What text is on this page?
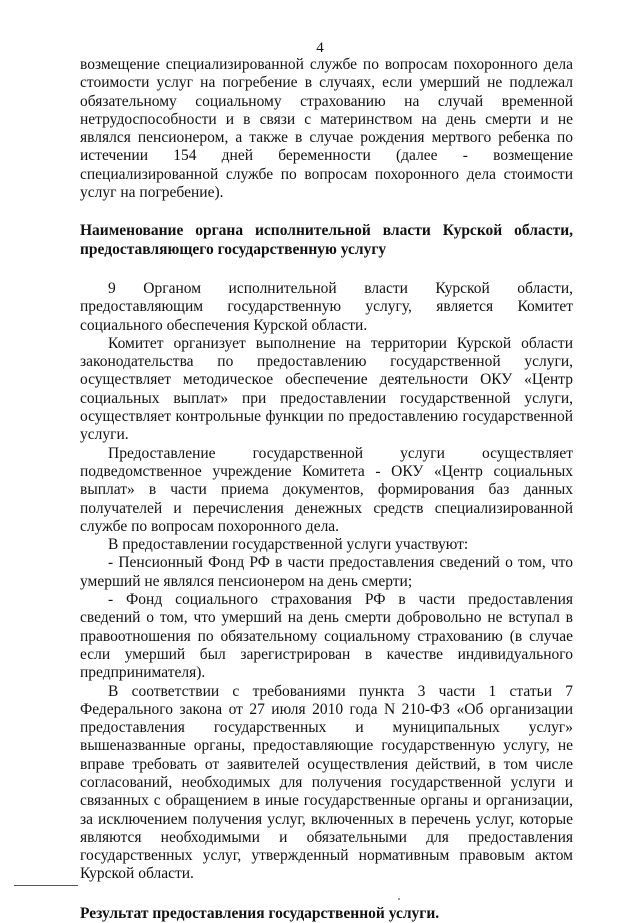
4

возмещение специализированной службе по вопросам похоронного дела стоимости услуг на погребение в случаях, если умерший не подлежал обязательному социальному страхованию на случай временной нетрудоспособности и в связи с материнством на день смерти и не являлся пенсионером, а также в случае рождения мертвого ребенка по истечении 154 дней беременности (далее - возмещение специализированной службе по вопросам похоронного дела стоимости услуг на погребение).

Наименование органа исполнительной власти Курской области, предоставляющего государственную услугу

9 Органом исполнительной власти Курской области, предоставляющим государственную услугу, является Комитет социального обеспечения Курской области.

Комитет организует выполнение на территории Курской области законодательства по предоставлению государственной услуги, осуществляет методическое обеспечение деятельности ОКУ «Центр социальных выплат» при предоставлении государственной услуги, осуществляет контрольные функции по предоставлению государственной услуги.

Предоставление государственной услуги осуществляет подведомственное учреждение Комитета - ОКУ «Центр социальных выплат» в части приема документов, формирования баз данных получателей и перечисления денежных средств специализированной службе по вопросам похоронного дела.

В предоставлении государственной услуги участвуют:

- Пенсионный Фонд РФ в части предоставления сведений о том, что умерший не являлся пенсионером на день смерти;

- Фонд социального страхования РФ в части предоставления сведений о том, что умерший на день смерти добровольно не вступал в правоотношения по обязательному социальному страхованию (в случае если умерший был зарегистрирован в качестве индивидуального предпринимателя).

В соответствии с требованиями пункта 3 части 1 статьи 7 Федерального закона от 27 июля 2010 года N 210-ФЗ «Об организации предоставления государственных и муниципальных услуг» вышеназванные органы, предоставляющие государственную услугу, не вправе требовать от заявителей осуществления действий, в том числе согласований, необходимых для получения государственной услуги и связанных с обращением в иные государственные органы и организации, за исключением получения услуг, включенных в перечень услуг, которые являются необходимыми и обязательными для предоставления государственных услуг, утвержденный нормативным правовым актом Курской области.

Результат предоставления государственной услуги.
